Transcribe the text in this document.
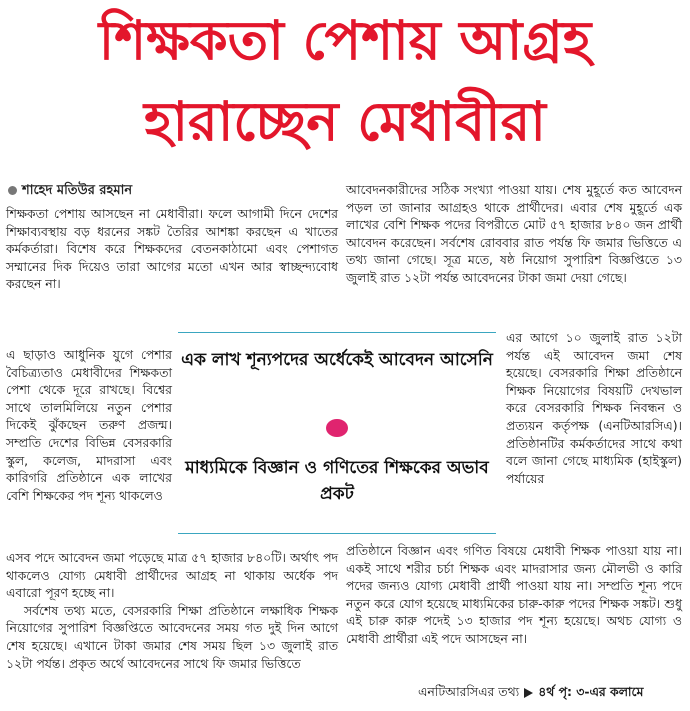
শিক্ষকতা পেশায় আগ্রহ
হারাচ্ছেন মেধাবীরা
শাহেদ মতিউর রহমান

শিক্ষকতা পেশায় আসছেন না মেধাবীরা। ফলে আগামী দিনে দেশের শিক্ষাব্যবস্থায় বড় ধরনের সঙ্কট তৈরির আশঙ্কা করছেন এ খাতের কর্মকর্তারা। বিশেষ করে শিক্ষকদের বেতনকাঠামো এবং পেশাগত সম্মানের দিক দিয়েও তারা আগের মতো এখন আর স্বাচ্ছন্দ্যবোধ করছেন না।

এ ছাড়াও আধুনিক যুগে পেশার বৈচিত্র্যতাও মেধাবীদের শিক্ষকতা পেশা থেকে দূরে রাখছে। বিশ্বের সাথে তালমিলিয়ে নতুন পেশার দিকেই ঝুঁকছেন তরুণ প্রজন্ম। সম্প্রতি দেশের বিভিন্ন বেসরকারি স্কুল, কলেজ, মাদরাসা এবং কারিগরি প্রতিষ্ঠানে এক লাখের বেশি শিক্ষকের পদ শূন্য থাকলেও

এসব পদে আবেদন জমা পড়েছে মাত্র ৫৭ হাজার ৮৪০টি। অর্থাৎ পদ থাকলেও যোগ্য মেধাবী প্রার্থীদের আগ্রহ না থাকায় অর্ধেক পদ এবারো পূরণ হচ্ছে না।

সর্বশেষ তথ্য মতে, বেসরকারি শিক্ষা প্রতিষ্ঠানে লক্ষাধিক শিক্ষক নিয়োগের সুপারিশ বিজ্ঞপ্তিতে আবেদনের সময় গত দুই দিন আগে শেষ হয়েছে। এখানে টাকা জমার শেষ সময় ছিল ১৩ জুলাই রাত ১২টা পর্যন্ত। প্রকৃত অর্থে আবেদনের সাথে ফি জমার ভিত্তিতে

আবেদনকারীদের সঠিক সংখ্যা পাওয়া যায়। শেষ মুহূর্তে কত আবেদন পড়ল তা জানার আগ্রহও থাকে প্রার্থীদের। এবার শেষ মুহূর্তে এক লাখের বেশি শিক্ষক পদের বিপরীতে মোট ৫৭ হাজার ৮৪০ জন প্রার্থী আবেদন করেছেন। সর্বশেষ রোববার রাত পর্যন্ত ফি জমার ভিত্তিতে এ তথ্য জানা গেছে। সূত্র মতে, ষষ্ঠ নিয়োগ সুপারিশ বিজ্ঞপ্তিতে ১৩ জুলাই রাত ১২টা পর্যন্ত আবেদনের টাকা জমা দেয়া গেছে।

এর আগে ১০ জুলাই রাত ১২টা পর্যন্ত এই আবেদন জমা শেষ হয়েছে। বেসরকারি শিক্ষা প্রতিষ্ঠানে শিক্ষক নিয়োগের বিষয়টি দেখভাল করে বেসরকারি শিক্ষক নিবন্ধন ও প্রত্যয়ন কর্তৃপক্ষ (এনটিআরসিএ)। প্রতিষ্ঠানটির কর্মকর্তাদের সাথে কথা বলে জানা গেছে মাধ্যমিক (হাইস্কুল) পর্যায়ের

প্রতিষ্ঠানে বিজ্ঞান এবং গণিত বিষয়ে মেধাবী শিক্ষক পাওয়া যায় না। একই সাথে শরীর চর্চা শিক্ষক এবং মাদরাসার জন্য মৌলভী ও কারি পদের জন্যও যোগ্য মেধাবী প্রার্থী পাওয়া যায় না। সম্প্রতি শূন্য পদে নতুন করে যোগ হয়েছে মাধ্যমিকের চারু-কারু পদের শিক্ষক সঙ্কট। শুধু এই চারু কারু পদেই ১৩ হাজার পদ শূন্য হয়েছে। অথচ যোগ্য ও মেধাবী প্রার্থীরা এই পদে আসছেন না।

এক লাখ শূন্যপদের অর্ধেকেই আবেদন আসেনি
মাধ্যমিকে বিজ্ঞান ও গণিতের শিক্ষকের অভাব প্রকট
এনটিআরসিএর তথ্য ৪র্থ পৃ: ৩-এর কলামে
